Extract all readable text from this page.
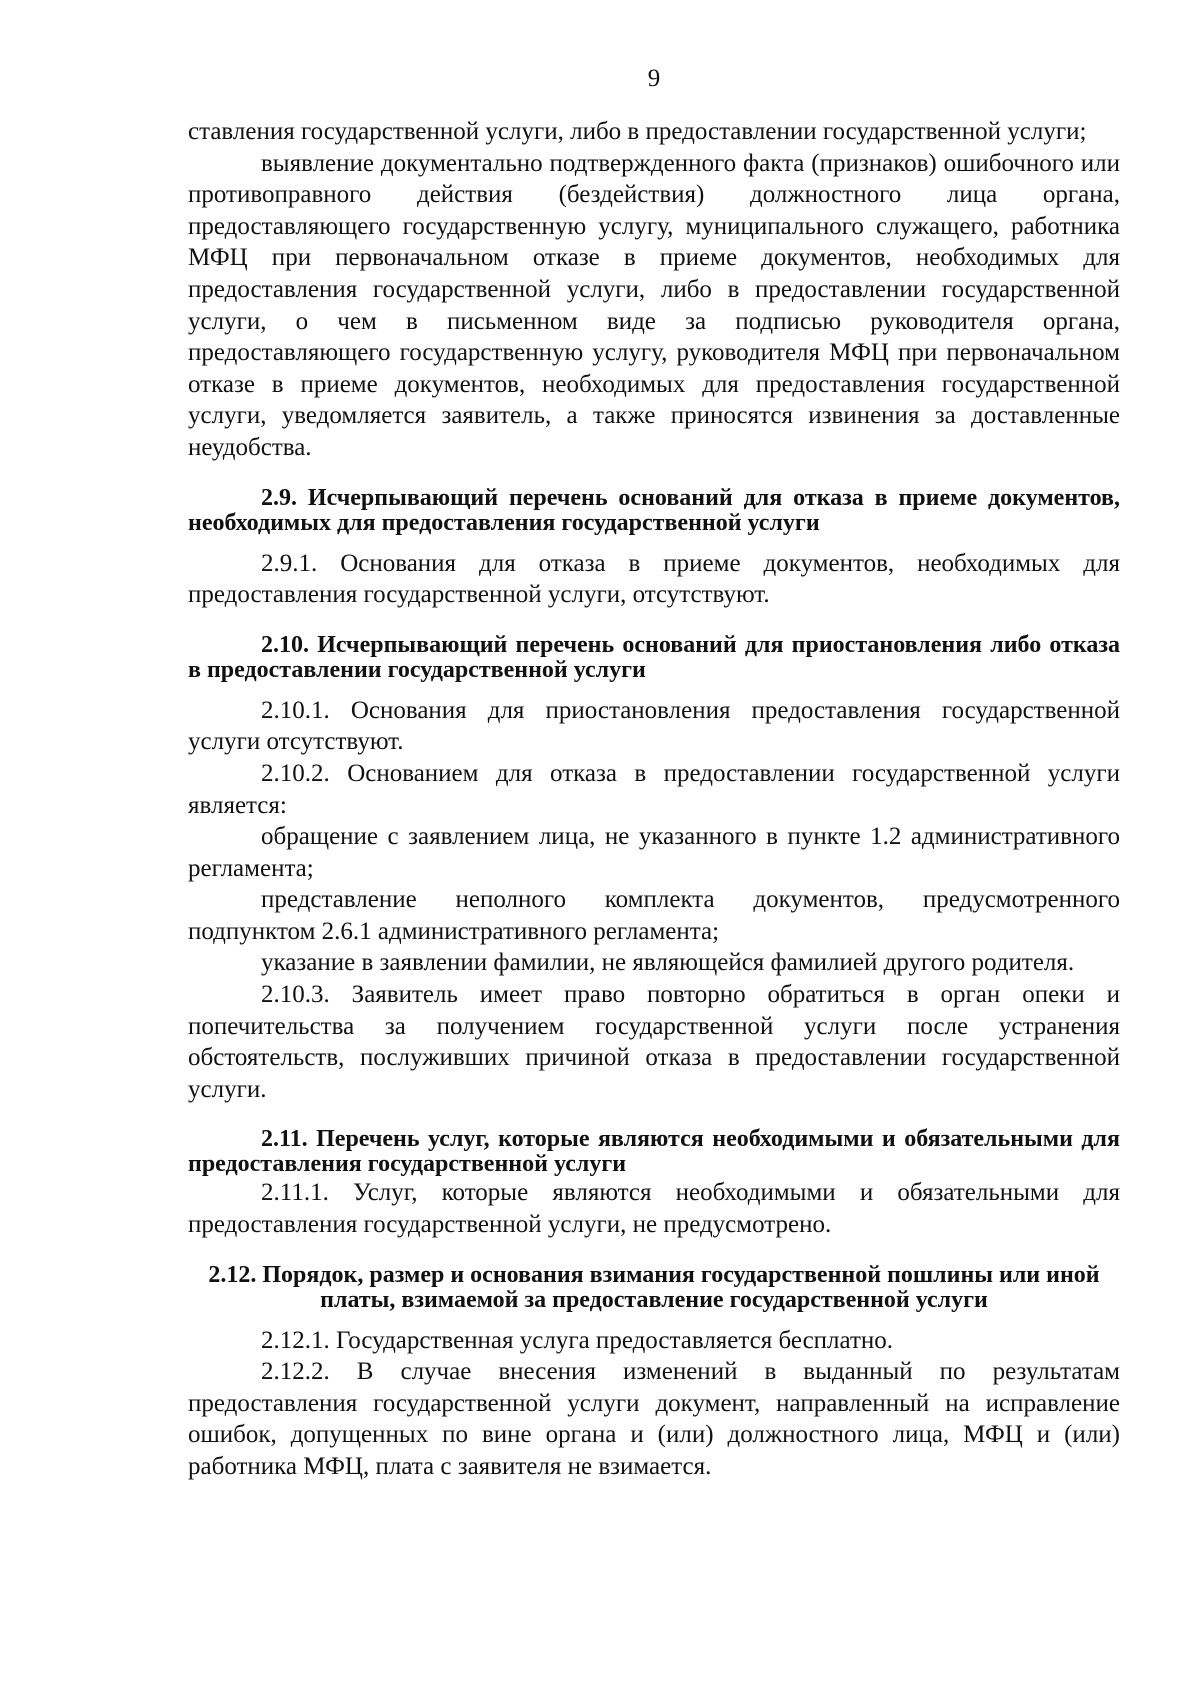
9

ставления государственной услуги, либо в предоставлении государственной услуги;

выявление документально подтвержденного факта (признаков) ошибочного или противоправного действия (бездействия) должностного лица органа, предоставляющего государственную услугу, муниципального служащего, работника МФЦ при первоначальном отказе в приеме документов, необходимых для предоставления государственной услуги, либо в предоставлении государственной услуги, о чем в письменном виде за подписью руководителя органа, предоставляющего государственную услугу, руководителя МФЦ при первоначальном отказе в приеме документов, необходимых для предоставления государственной услуги, уведомляется заявитель, а также приносятся извинения за доставленные неудобства.

2.9. Исчерпывающий перечень оснований для отказа в приеме документов, необходимых для предоставления государственной услуги

2.9.1. Основания для отказа в приеме документов, необходимых для предоставления государственной услуги, отсутствуют.

2.10. Исчерпывающий перечень оснований для приостановления либо отказа в предоставлении государственной услуги

2.10.1. Основания для приостановления предоставления государственной услуги отсутствуют.

2.10.2. Основанием для отказа в предоставлении государственной услуги является:

обращение с заявлением лица, не указанного в пункте 1.2 административного регламента;

представление неполного комплекта документов, предусмотренного подпунктом 2.6.1 административного регламента;

указание в заявлении фамилии, не являющейся фамилией другого родителя.

2.10.3. Заявитель имеет право повторно обратиться в орган опеки и попечительства за получением государственной услуги после устранения обстоятельств, послуживших причиной отказа в предоставлении государственной услуги.

2.11. Перечень услуг, которые являются необходимыми и обязательными для предоставления государственной услуги

2.11.1. Услуг, которые являются необходимыми и обязательными для предоставления государственной услуги, не предусмотрено.

2.12. Порядок, размер и основания взимания государственной пошлины или иной платы, взимаемой за предоставление государственной услуги

2.12.1. Государственная услуга предоставляется бесплатно.

2.12.2. В случае внесения изменений в выданный по результатам предоставления государственной услуги документ, направленный на исправление ошибок, допущенных по вине органа и (или) должностного лица, МФЦ и (или) работника МФЦ, плата с заявителя не взимается.
